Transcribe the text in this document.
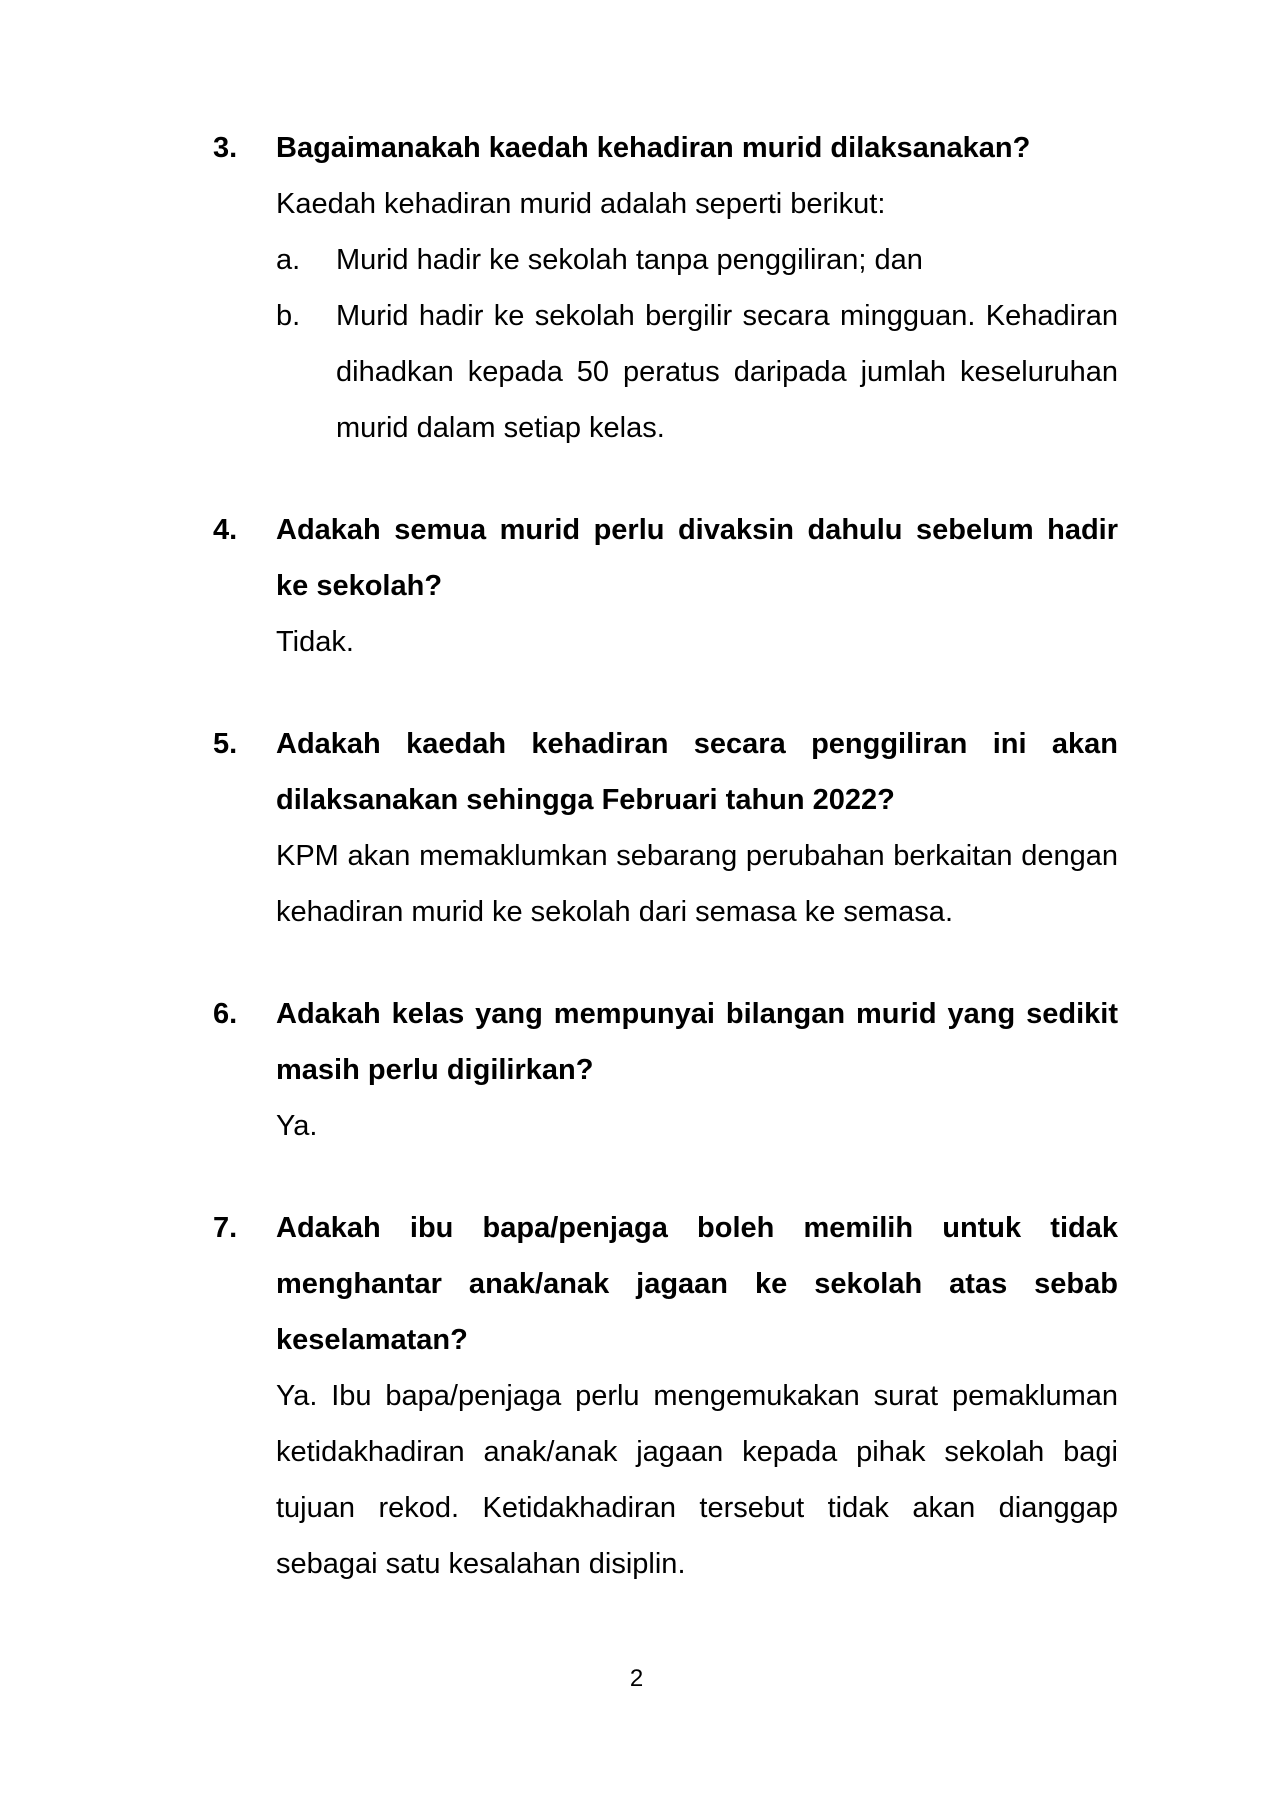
3.	Bagaimanakah kaedah kehadiran murid dilaksanakan?
Kaedah kehadiran murid adalah seperti berikut:
a.	Murid hadir ke sekolah tanpa penggiliran; dan
b.	Murid hadir ke sekolah bergilir secara mingguan. Kehadiran dihadkan kepada 50 peratus daripada jumlah keseluruhan murid dalam setiap kelas.
4.	Adakah semua murid perlu divaksin dahulu sebelum hadir ke sekolah?
Tidak.
5.	Adakah kaedah kehadiran secara penggiliran ini akan dilaksanakan sehingga Februari tahun 2022?
KPM akan memaklumkan sebarang perubahan berkaitan dengan kehadiran murid ke sekolah dari semasa ke semasa.
6.	Adakah kelas yang mempunyai bilangan murid yang sedikit masih perlu digilirkan?
Ya.
7.	Adakah ibu bapa/penjaga boleh memilih untuk tidak menghantar anak/anak jagaan ke sekolah atas sebab keselamatan?
Ya. Ibu bapa/penjaga perlu mengemukakan surat pemakluman ketidakhadiran anak/anak jagaan kepada pihak sekolah bagi tujuan rekod. Ketidakhadiran tersebut tidak akan dianggap sebagai satu kesalahan disiplin.
2
